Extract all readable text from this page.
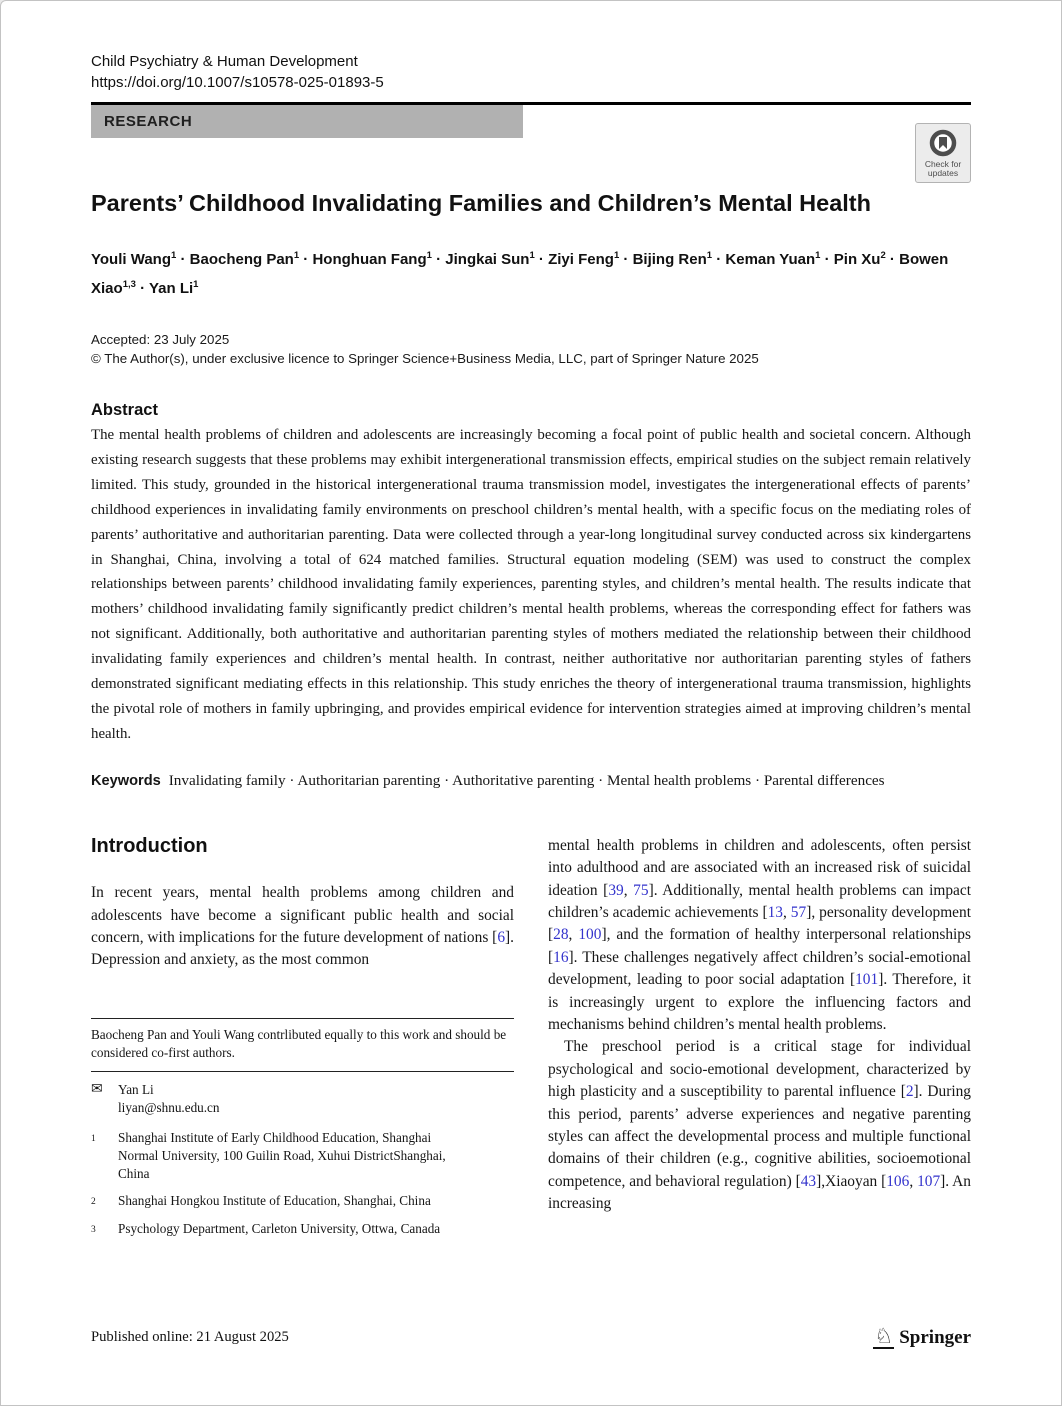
Child Psychiatry & Human Development
https://doi.org/10.1007/s10578-025-01893-5
RESEARCH
Check for
updates
Parents’ Childhood Invalidating Families and Children’s Mental Health
Youli Wang$^1$ · Baocheng Pan$^1$ · Honghuan Fang$^1$ · Jingkai Sun$^1$ · Ziyi Feng$^1$ · Bijing Ren$^1$ · Keman Yuan$^1$ · Pin $Xu^2$ · Bowen Xiao$^{1,3}$ · Yan Li$^1$
Accepted: 23 July 2025
© The Author(s), under exclusive licence to Springer Science+Business Media, LLC, part of Springer Nature 2025
Abstract
The mental health problems of children and adolescents are increasingly becoming a focal point of public health and societal concern. Although existing research suggests that these problems may exhibit intergenerational transmission effects, empirical studies on the subject remain relatively limited. This study, grounded in the historical intergenerational trauma transmission model, investigates the intergenerational effects of parents’ childhood experiences in invalidating family environments on preschool children’s mental health, with a specific focus on the mediating roles of parents’ authoritative and authoritarian parenting. Data were collected through a year-long longitudinal survey conducted across six kindergartens in Shanghai, China, involving a total of 624 matched families. Structural equation modeling (SEM) was used to construct the complex relationships between parents’ childhood invalidating family experiences, parenting styles, and children’s mental health. The results indicate that mothers’ childhood invalidating family significantly predict children’s mental health problems, whereas the corresponding effect for fathers was not significant. Additionally, both authoritative and authoritarian parenting styles of mothers mediated the relationship between their childhood invalidating family experiences and children’s mental health. In contrast, neither authoritative nor authoritarian parenting styles of fathers demonstrated significant mediating effects in this relationship. This study enriches the theory of intergenerational trauma transmission, highlights the pivotal role of mothers in family upbringing, and provides empirical evidence for intervention strategies aimed at improving children’s mental health.
Keywords Invalidating family · Authoritarian parenting · Authoritative parenting · Mental health problems · Parental differences
Introduction

In recent years, mental health problems among children and adolescents have become a significant public health and social concern, with implications for the future development of nations [6]. Depression and anxiety, as the most common

Baocheng Pan and Youli Wang contrlibuted equally to this work and should be considered co-first authors.
✉	Yan Li
liyan@shnu.edu.cn
1	Shanghai Institute of Early Childhood Education, Shanghai Normal University, 100 Guilin Road, Xuhui DistrictShanghai, China
2	Shanghai Hongkou Institute of Education, Shanghai, China
3	Psychology Department, Carleton University, Ottwa, Canada

mental health problems in children and adolescents, often persist into adulthood and are associated with an increased risk of suicidal ideation [39, 75]. Additionally, mental health problems can impact children’s academic achievements [13, 57], personality development [28, 100], and the formation of healthy interpersonal relationships [16]. These challenges negatively affect children’s social-emotional development, leading to poor social adaptation [101]. Therefore, it is increasingly urgent to explore the influencing factors and mechanisms behind children’s mental health problems.

The preschool period is a critical stage for individual psychological and socio-emotional development, characterized by high plasticity and a susceptibility to parental influence [2]. During this period, parents’ adverse experiences and negative parenting styles can affect the developmental process and multiple functional domains of their children (e.g., cognitive abilities, socioemotional competence, and behavioral regulation) [43],Xiaoyan [106, 107]. An increasing

Published online: 21 August 2025	♘ Springer
